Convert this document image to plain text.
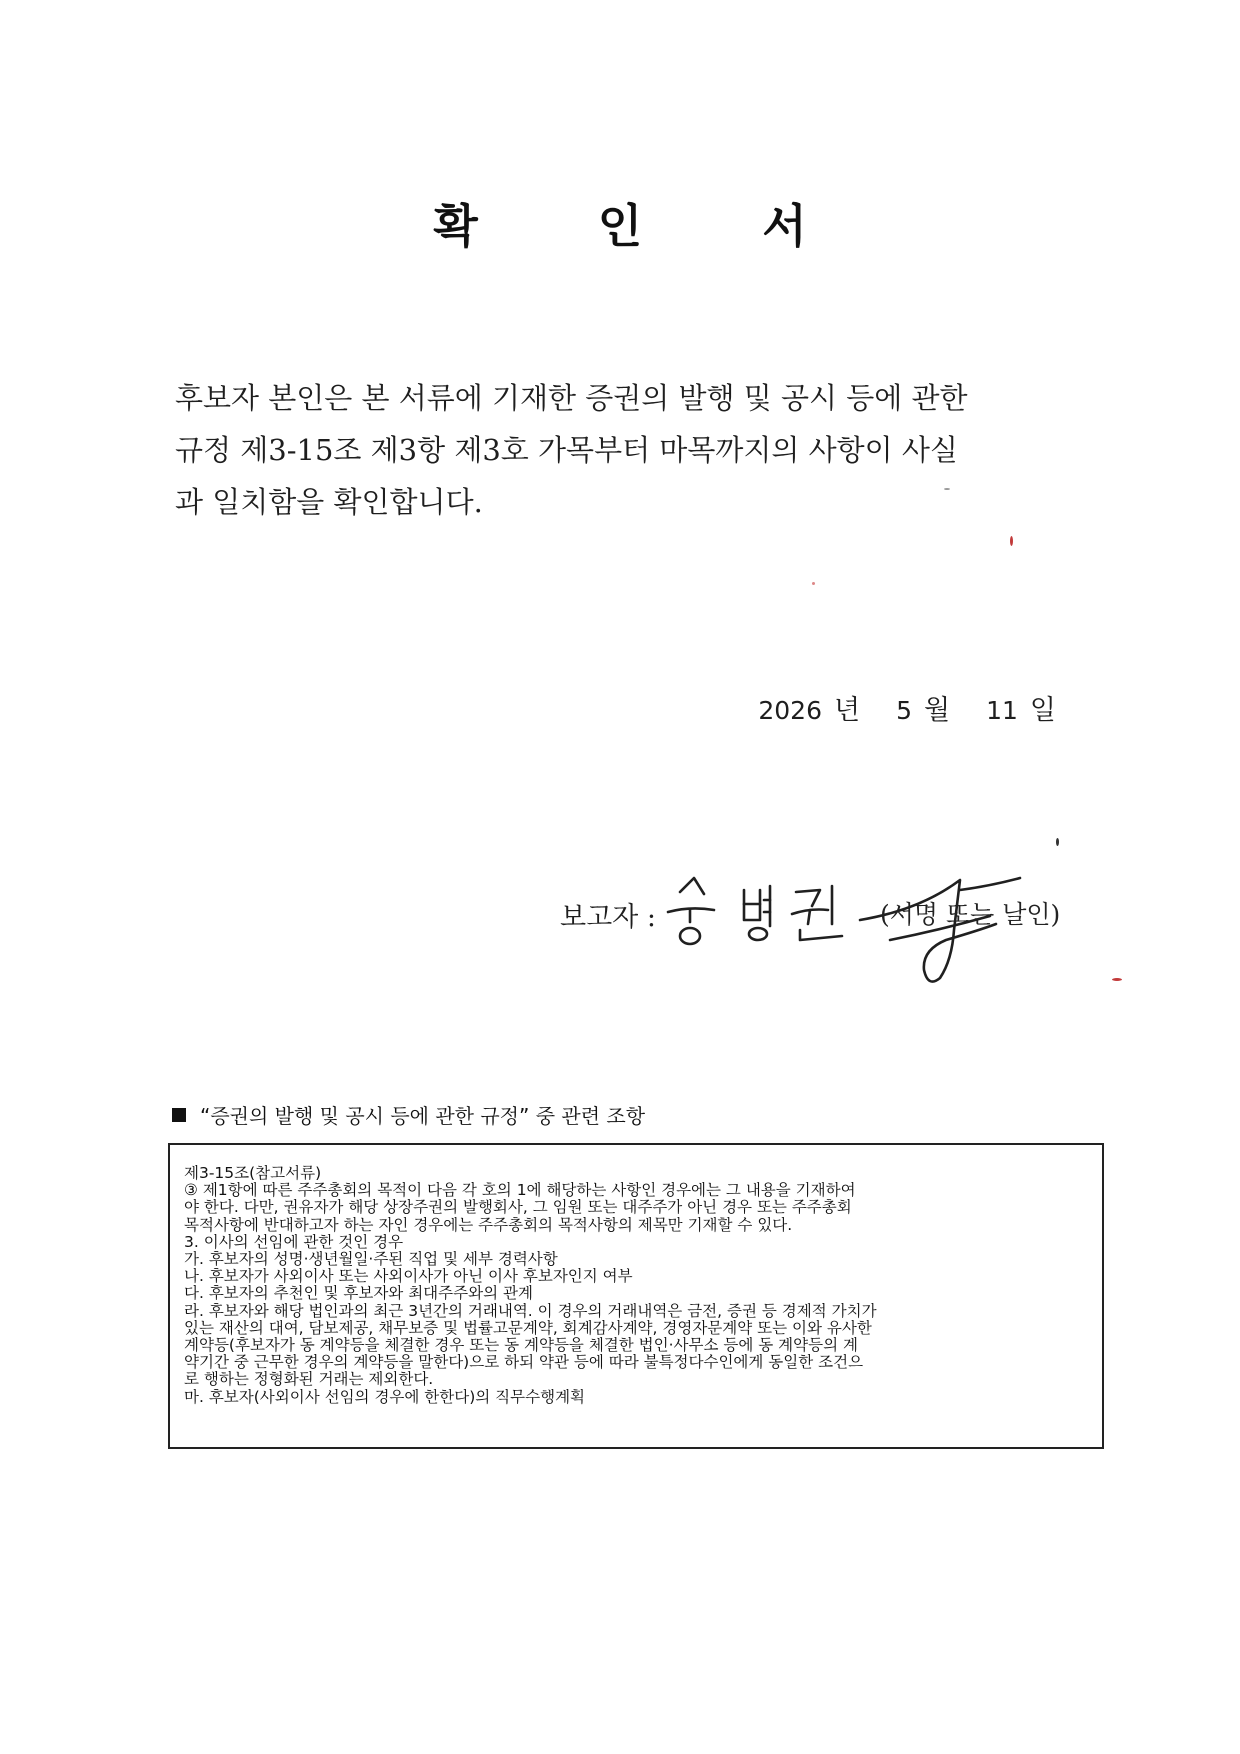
확 인 서

후보자 본인은 본 서류에 기재한 증권의 발행 및 공시 등에 관한
규정 제3-15조 제3항 제3호 가목부터 마목까지의 사항이 사실
과 일치함을 확인합니다.

2026 년 5 월 11 일
보고자 :	(서명 또는 날인)
“증권의 발행 및 공시 등에 관한 규정” 중 관련 조항
제3-15조(참고서류)
③ 제1항에 따른 주주총회의 목적이 다음 각 호의 1에 해당하는 사항인 경우에는 그 내용을 기재하여
야 한다. 다만, 권유자가 해당 상장주권의 발행회사, 그 임원 또는 대주주가 아닌 경우 또는 주주총회
목적사항에 반대하고자 하는 자인 경우에는 주주총회의 목적사항의 제목만 기재할 수 있다.
3. 이사의 선임에 관한 것인 경우
가. 후보자의 성명·생년월일·주된 직업 및 세부 경력사항
나. 후보자가 사외이사 또는 사외이사가 아닌 이사 후보자인지 여부
다. 후보자의 추천인 및 후보자와 최대주주와의 관계
라. 후보자와 해당 법인과의 최근 3년간의 거래내역. 이 경우의 거래내역은 금전, 증권 등 경제적 가치가
있는 재산의 대여, 담보제공, 채무보증 및 법률고문계약, 회계감사계약, 경영자문계약 또는 이와 유사한
계약등(후보자가 동 계약등을 체결한 경우 또는 동 계약등을 체결한 법인·사무소 등에 동 계약등의 계
약기간 중 근무한 경우의 계약등을 말한다)으로 하되 약관 등에 따라 불특정다수인에게 동일한 조건으
로 행하는 정형화된 거래는 제외한다.
마. 후보자(사외이사 선임의 경우에 한한다)의 직무수행계획
